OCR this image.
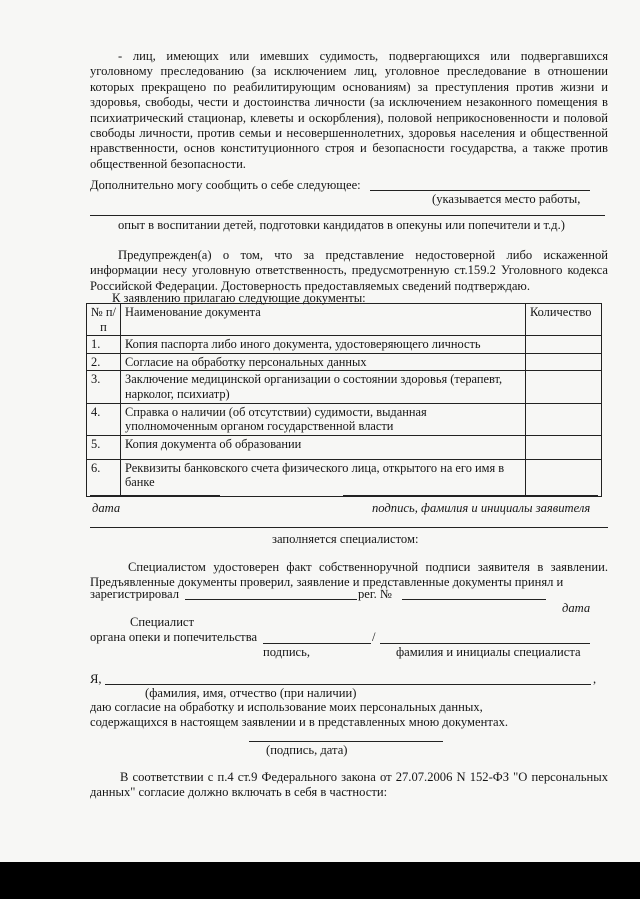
- лиц, имеющих или имевших судимость, подвергающихся или подвергавшихся уголовному преследованию (за исключением лиц, уголовное преследование в отношении которых прекращено по реабилитирующим основаниям) за преступления против жизни и здоровья, свободы, чести и достоинства личности (за исключением незаконного помещения в психиатрический стационар, клеветы и оскорбления), половой неприкосновенности и половой свободы личности, против семьи и несовершеннолетних, здоровья населения и общественной нравственности, основ конституционного строя и безопасности государства, а также против общественной безопасности.
Дополнительно могу сообщить о себе следующее:
(указывается место работы,
опыт в воспитании детей, подготовки кандидатов в опекуны или попечители и т.д.)
Предупрежден(а) о том, что за представление недостоверной либо искаженной информации несу уголовную ответственность, предусмотренную ст.159.2 Уголовного кодекса Российской Федерации. Достоверность предоставляемых сведений подтверждаю.
К заявлению прилагаю следующие документы:
№ п/п	Наименование документа	Количество
1.	Копия паспорта либо иного документа, удостоверяющего личность	
2.	Согласие на обработку персональных данных	
3.	Заключение медицинской организации о состоянии здоровья (терапевт, нарколог, психиатр)	
4.	Справка о наличии (об отсутствии) судимости, выданная уполномоченным органом государственной власти	
5.	Копия документа об образовании	
6.	Реквизиты банковского счета физического лица, открытого на его имя в банке	
дата	подпись, фамилия и инициалы заявителя
заполняется специалистом:
Специалистом удостоверен факт собственноручной подписи заявителя в заявлении. Предъявленные документы проверил, заявление и представленные документы принял и
зарегистрировал	рег. №
дата
Специалист
органа опеки и попечительства	/
подпись,	фамилия и инициалы специалиста
Я,	,
(фамилия, имя, отчество (при наличии)
даю согласие на обработку и использование моих персональных данных,
содержащихся в настоящем заявлении и в представленных мною документах.
(подпись, дата)
В соответствии с п.4 ст.9 Федерального закона от 27.07.2006 N 152-ФЗ "О персональных данных" согласие должно включать в себя в частности:
